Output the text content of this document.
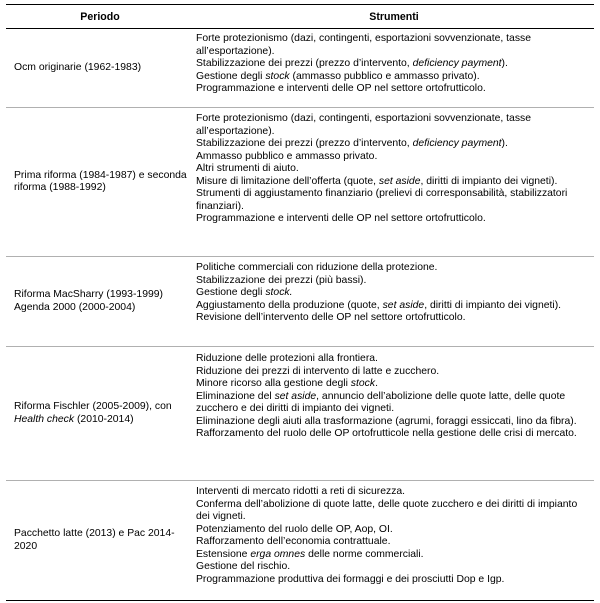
Periodo	Strumenti
Ocm originarie (1962-1983)
Forte protezionismo (dazi, contingenti, esportazioni sovvenzionate, tasse all’esportazione).
Stabilizzazione dei prezzi (prezzo d’intervento, deficiency payment).
Gestione degli stock (ammasso pubblico e ammasso privato).
Programmazione e interventi delle OP nel settore ortofrutticolo.
Prima riforma (1984-1987) e seconda riforma (1988-1992)
Forte protezionismo (dazi, contingenti, esportazioni sovvenzionate, tasse all’esportazione).
Stabilizzazione dei prezzi (prezzo d’intervento, deficiency payment).
Ammasso pubblico e ammasso privato.
Altri strumenti di aiuto.
Misure di limitazione dell’offerta (quote, set aside, diritti di impianto dei vigneti).
Strumenti di aggiustamento finanziario (prelievi di corresponsabilità, stabilizzatori finanziari).
Programmazione e interventi delle OP nel settore ortofrutticolo.
Riforma MacSharry (1993-1999) Agenda 2000 (2000-2004)
Politiche commerciali con riduzione della protezione.
Stabilizzazione dei prezzi (più bassi).
Gestione degli stock.
Aggiustamento della produzione (quote, set aside, diritti di impianto dei vigneti).
Revisione dell’intervento delle OP nel settore ortofrutticolo.
Riforma Fischler (2005-2009), con Health check (2010-2014)
Riduzione delle protezioni alla frontiera.
Riduzione dei prezzi di intervento di latte e zucchero.
Minore ricorso alla gestione degli stock.
Eliminazione del set aside, annuncio dell’abolizione delle quote latte, delle quote zucchero e dei diritti di impianto dei vigneti.
Eliminazione degli aiuti alla trasformazione (agrumi, foraggi essiccati, lino da fibra).
Rafforzamento del ruolo delle OP ortofrutticole nella gestione delle crisi di mercato.
Pacchetto latte (2013) e Pac 2014-2020
Interventi di mercato ridotti a reti di sicurezza.
Conferma dell’abolizione di quote latte, delle quote zucchero e dei diritti di impianto dei vigneti.
Potenziamento del ruolo delle OP, Aop, OI.
Rafforzamento dell’economia contrattuale.
Estensione erga omnes delle norme commerciali.
Gestione del rischio.
Programmazione produttiva dei formaggi e dei prosciutti Dop e Igp.
